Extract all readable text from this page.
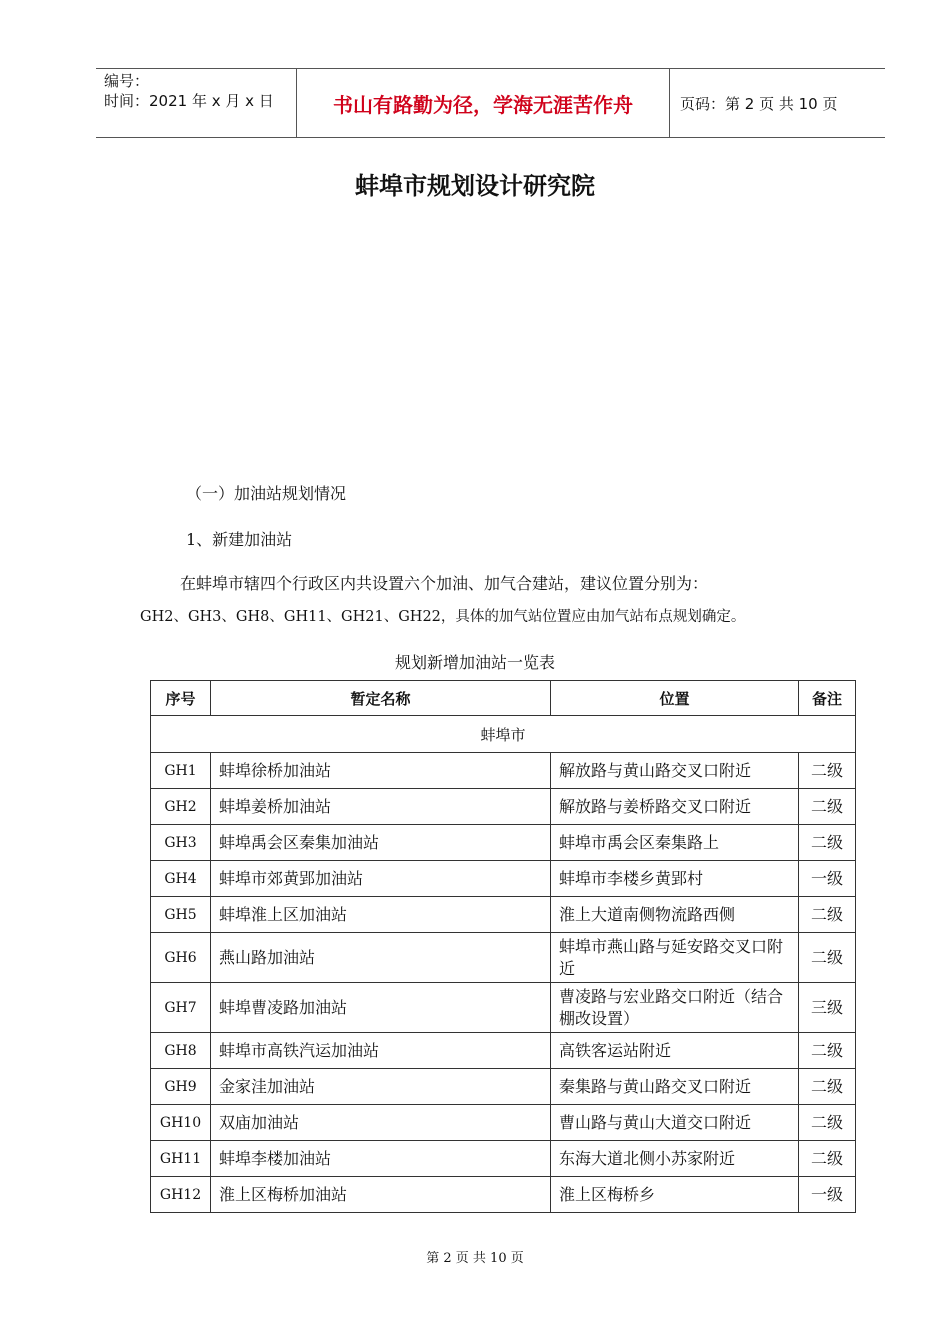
编号：
时间：2021 年 x 月 x 日	书山有路勤为径，学海无涯苦作舟	页码：第 2 页 共 10 页
蚌埠市规划设计研究院
（一）加油站规划情况
1、新建加油站
在蚌埠市辖四个行政区内共设置六个加油、加气合建站，建议位置分别为：
GH2、GH3、GH8、GH11、GH21、GH22，具体的加气站位置应由加气站布点规划确定。
规划新增加油站一览表
序号	暂定名称	位置	备注
蚌埠市			
GH1	蚌埠徐桥加油站	解放路与黄山路交叉口附近	二级
GH2	蚌埠姜桥加油站	解放路与姜桥路交叉口附近	二级
GH3	蚌埠禹会区秦集加油站	蚌埠市禹会区秦集路上	二级
GH4	蚌埠市郊黄郢加油站	蚌埠市李楼乡黄郢村	一级
GH5	蚌埠淮上区加油站	淮上大道南侧物流路西侧	二级
GH6	燕山路加油站	蚌埠市燕山路与延安路交叉口附近	二级
GH7	蚌埠曹凌路加油站	曹凌路与宏业路交口附近（结合棚改设置）	三级
GH8	蚌埠市高铁汽运加油站	高铁客运站附近	二级
GH9	金家洼加油站	秦集路与黄山路交叉口附近	二级
GH10	双庙加油站	曹山路与黄山大道交口附近	二级
GH11	蚌埠李楼加油站	东海大道北侧小苏家附近	二级
GH12	淮上区梅桥加油站	淮上区梅桥乡	一级
第 2 页 共 10 页
